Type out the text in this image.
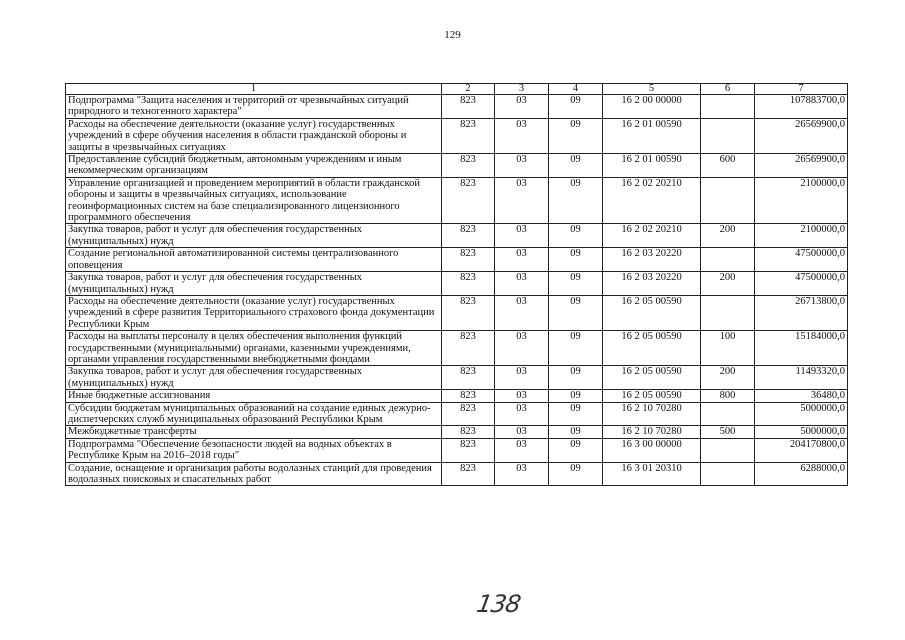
129
1	2	3	4	5	6	7
Подпрограмма "Защита населения и территорий от чрезвычайных ситуаций природного и техногенного характера"	823	03	09	16 2 00 00000		107883700,0
Расходы на обеспечение деятельности (оказание услуг) государственных учреждений в сфере обучения населения в области гражданской обороны и защиты в чрезвычайных ситуациях	823	03	09	16 2 01 00590		26569900,0
Предоставление субсидий бюджетным, автономным учреждениям и иным некоммерческим организациям	823	03	09	16 2 01 00590	600	26569900,0
Управление организацией и проведением мероприятий в области гражданской обороны и защиты в чрезвычайных ситуациях, использование геоинформационных систем на базе специализированного лицензионного программного обеспечения	823	03	09	16 2 02 20210		2100000,0
Закупка товаров, работ и услуг для обеспечения государственных (муниципальных) нужд	823	03	09	16 2 02 20210	200	2100000,0
Создание региональной автоматизированной системы централизованного оповещения	823	03	09	16 2 03 20220		47500000,0
Закупка товаров, работ и услуг для обеспечения государственных (муниципальных) нужд	823	03	09	16 2 03 20220	200	47500000,0
Расходы на обеспечение деятельности (оказание услуг) государственных учреждений в сфере развития Территориального страхового фонда документации Республики Крым	823	03	09	16 2 05 00590		26713800,0
Расходы на выплаты персоналу в целях обеспечения выполнения функций государственными (муниципальными) органами, казенными учреждениями, органами управления государственными внебюджетными фондами	823	03	09	16 2 05 00590	100	15184000,0
Закупка товаров, работ и услуг для обеспечения государственных (муниципальных) нужд	823	03	09	16 2 05 00590	200	11493320,0
Иные бюджетные ассигнования	823	03	09	16 2 05 00590	800	36480,0
Субсидии бюджетам муниципальных образований на создание единых дежурно-диспетчерских служб муниципальных образований Республики Крым	823	03	09	16 2 10 70280		5000000,0
Межбюджетные трансферты	823	03	09	16 2 10 70280	500	5000000,0
Подпрограмма "Обеспечение безопасности людей на водных объектах в Республике Крым на 2016–2018 годы"	823	03	09	16 3 00 00000		204170800,0
Создание, оснащение и организация работы водолазных станций для проведения водолазных поисковых и спасательных работ	823	03	09	16 3 01 20310		6288000,0
138
